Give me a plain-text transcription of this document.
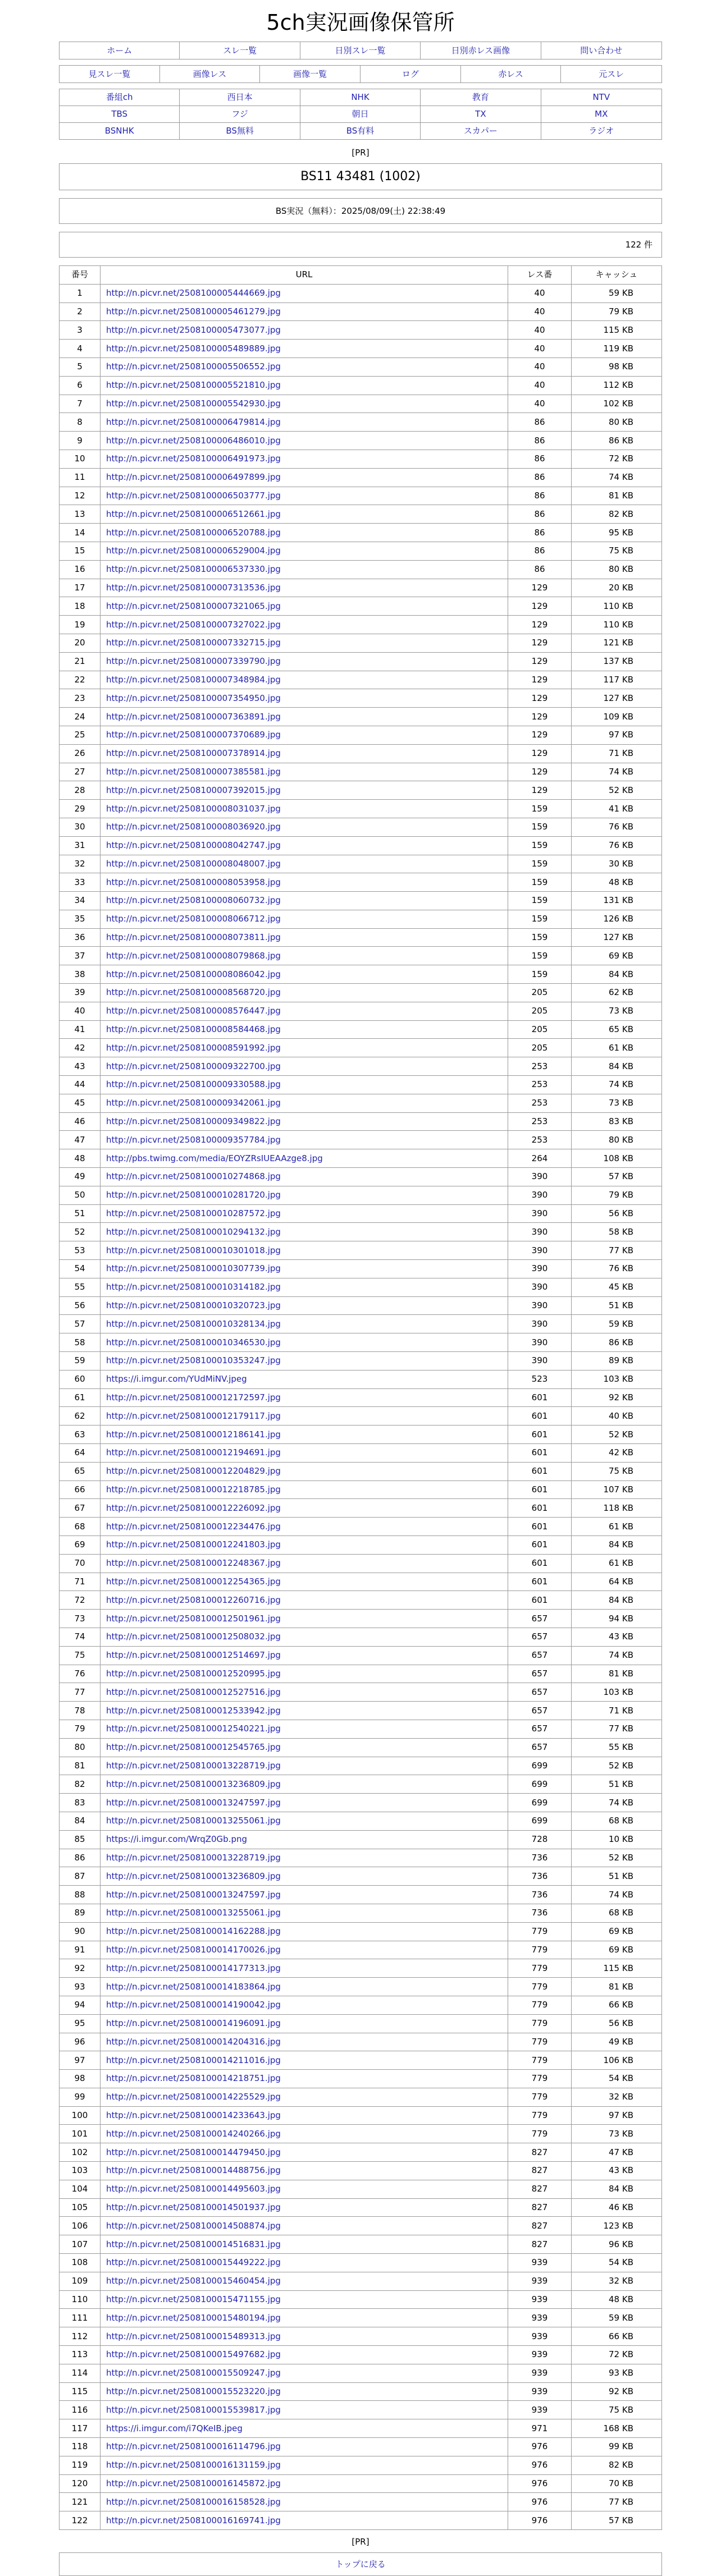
5ch実況画像保管所
ホーム	スレ一覧	日別スレ一覧	日別赤レス画像	問い合わせ
見スレ一覧	画像レス	画像一覧	ログ	赤レス	元スレ
番組ch	西日本	NHK	教育	NTV
TBS	フジ	朝日	TX	MX
BSNHK	BS無料	BS有料	スカパー	ラジオ
[PR]
BS11 43481 (1002)
BS実況（無料）：2025/08/09(土) 22:38:49
122 件
番号	URL	レス番	キャッシュ
1	http://n.picvr.net/2508100005444669.jpg	40	59 KB
2	http://n.picvr.net/2508100005461279.jpg	40	79 KB
3	http://n.picvr.net/2508100005473077.jpg	40	115 KB
4	http://n.picvr.net/2508100005489889.jpg	40	119 KB
5	http://n.picvr.net/2508100005506552.jpg	40	98 KB
6	http://n.picvr.net/2508100005521810.jpg	40	112 KB
7	http://n.picvr.net/2508100005542930.jpg	40	102 KB
8	http://n.picvr.net/2508100006479814.jpg	86	80 KB
9	http://n.picvr.net/2508100006486010.jpg	86	86 KB
10	http://n.picvr.net/2508100006491973.jpg	86	72 KB
11	http://n.picvr.net/2508100006497899.jpg	86	74 KB
12	http://n.picvr.net/2508100006503777.jpg	86	81 KB
13	http://n.picvr.net/2508100006512661.jpg	86	82 KB
14	http://n.picvr.net/2508100006520788.jpg	86	95 KB
15	http://n.picvr.net/2508100006529004.jpg	86	75 KB
16	http://n.picvr.net/2508100006537330.jpg	86	80 KB
17	http://n.picvr.net/2508100007313536.jpg	129	20 KB
18	http://n.picvr.net/2508100007321065.jpg	129	110 KB
19	http://n.picvr.net/2508100007327022.jpg	129	110 KB
20	http://n.picvr.net/2508100007332715.jpg	129	121 KB
21	http://n.picvr.net/2508100007339790.jpg	129	137 KB
22	http://n.picvr.net/2508100007348984.jpg	129	117 KB
23	http://n.picvr.net/2508100007354950.jpg	129	127 KB
24	http://n.picvr.net/2508100007363891.jpg	129	109 KB
25	http://n.picvr.net/2508100007370689.jpg	129	97 KB
26	http://n.picvr.net/2508100007378914.jpg	129	71 KB
27	http://n.picvr.net/2508100007385581.jpg	129	74 KB
28	http://n.picvr.net/2508100007392015.jpg	129	52 KB
29	http://n.picvr.net/2508100008031037.jpg	159	41 KB
30	http://n.picvr.net/2508100008036920.jpg	159	76 KB
31	http://n.picvr.net/2508100008042747.jpg	159	76 KB
32	http://n.picvr.net/2508100008048007.jpg	159	30 KB
33	http://n.picvr.net/2508100008053958.jpg	159	48 KB
34	http://n.picvr.net/2508100008060732.jpg	159	131 KB
35	http://n.picvr.net/2508100008066712.jpg	159	126 KB
36	http://n.picvr.net/2508100008073811.jpg	159	127 KB
37	http://n.picvr.net/2508100008079868.jpg	159	69 KB
38	http://n.picvr.net/2508100008086042.jpg	159	84 KB
39	http://n.picvr.net/2508100008568720.jpg	205	62 KB
40	http://n.picvr.net/2508100008576447.jpg	205	73 KB
41	http://n.picvr.net/2508100008584468.jpg	205	65 KB
42	http://n.picvr.net/2508100008591992.jpg	205	61 KB
43	http://n.picvr.net/2508100009322700.jpg	253	84 KB
44	http://n.picvr.net/2508100009330588.jpg	253	74 KB
45	http://n.picvr.net/2508100009342061.jpg	253	73 KB
46	http://n.picvr.net/2508100009349822.jpg	253	83 KB
47	http://n.picvr.net/2508100009357784.jpg	253	80 KB
48	http://pbs.twimg.com/media/EOYZRsIUEAAzge8.jpg	264	108 KB
49	http://n.picvr.net/2508100010274868.jpg	390	57 KB
50	http://n.picvr.net/2508100010281720.jpg	390	79 KB
51	http://n.picvr.net/2508100010287572.jpg	390	56 KB
52	http://n.picvr.net/2508100010294132.jpg	390	58 KB
53	http://n.picvr.net/2508100010301018.jpg	390	77 KB
54	http://n.picvr.net/2508100010307739.jpg	390	76 KB
55	http://n.picvr.net/2508100010314182.jpg	390	45 KB
56	http://n.picvr.net/2508100010320723.jpg	390	51 KB
57	http://n.picvr.net/2508100010328134.jpg	390	59 KB
58	http://n.picvr.net/2508100010346530.jpg	390	86 KB
59	http://n.picvr.net/2508100010353247.jpg	390	89 KB
60	https://i.imgur.com/YUdMiNV.jpeg	523	103 KB
61	http://n.picvr.net/2508100012172597.jpg	601	92 KB
62	http://n.picvr.net/2508100012179117.jpg	601	40 KB
63	http://n.picvr.net/2508100012186141.jpg	601	52 KB
64	http://n.picvr.net/2508100012194691.jpg	601	42 KB
65	http://n.picvr.net/2508100012204829.jpg	601	75 KB
66	http://n.picvr.net/2508100012218785.jpg	601	107 KB
67	http://n.picvr.net/2508100012226092.jpg	601	118 KB
68	http://n.picvr.net/2508100012234476.jpg	601	61 KB
69	http://n.picvr.net/2508100012241803.jpg	601	84 KB
70	http://n.picvr.net/2508100012248367.jpg	601	61 KB
71	http://n.picvr.net/2508100012254365.jpg	601	64 KB
72	http://n.picvr.net/2508100012260716.jpg	601	84 KB
73	http://n.picvr.net/2508100012501961.jpg	657	94 KB
74	http://n.picvr.net/2508100012508032.jpg	657	43 KB
75	http://n.picvr.net/2508100012514697.jpg	657	74 KB
76	http://n.picvr.net/2508100012520995.jpg	657	81 KB
77	http://n.picvr.net/2508100012527516.jpg	657	103 KB
78	http://n.picvr.net/2508100012533942.jpg	657	71 KB
79	http://n.picvr.net/2508100012540221.jpg	657	77 KB
80	http://n.picvr.net/2508100012545765.jpg	657	55 KB
81	http://n.picvr.net/2508100013228719.jpg	699	52 KB
82	http://n.picvr.net/2508100013236809.jpg	699	51 KB
83	http://n.picvr.net/2508100013247597.jpg	699	74 KB
84	http://n.picvr.net/2508100013255061.jpg	699	68 KB
85	https://i.imgur.com/WrqZ0Gb.png	728	10 KB
86	http://n.picvr.net/2508100013228719.jpg	736	52 KB
87	http://n.picvr.net/2508100013236809.jpg	736	51 KB
88	http://n.picvr.net/2508100013247597.jpg	736	74 KB
89	http://n.picvr.net/2508100013255061.jpg	736	68 KB
90	http://n.picvr.net/2508100014162288.jpg	779	69 KB
91	http://n.picvr.net/2508100014170026.jpg	779	69 KB
92	http://n.picvr.net/2508100014177313.jpg	779	115 KB
93	http://n.picvr.net/2508100014183864.jpg	779	81 KB
94	http://n.picvr.net/2508100014190042.jpg	779	66 KB
95	http://n.picvr.net/2508100014196091.jpg	779	56 KB
96	http://n.picvr.net/2508100014204316.jpg	779	49 KB
97	http://n.picvr.net/2508100014211016.jpg	779	106 KB
98	http://n.picvr.net/2508100014218751.jpg	779	54 KB
99	http://n.picvr.net/2508100014225529.jpg	779	32 KB
100	http://n.picvr.net/2508100014233643.jpg	779	97 KB
101	http://n.picvr.net/2508100014240266.jpg	779	73 KB
102	http://n.picvr.net/2508100014479450.jpg	827	47 KB
103	http://n.picvr.net/2508100014488756.jpg	827	43 KB
104	http://n.picvr.net/2508100014495603.jpg	827	84 KB
105	http://n.picvr.net/2508100014501937.jpg	827	46 KB
106	http://n.picvr.net/2508100014508874.jpg	827	123 KB
107	http://n.picvr.net/2508100014516831.jpg	827	96 KB
108	http://n.picvr.net/2508100015449222.jpg	939	54 KB
109	http://n.picvr.net/2508100015460454.jpg	939	32 KB
110	http://n.picvr.net/2508100015471155.jpg	939	48 KB
111	http://n.picvr.net/2508100015480194.jpg	939	59 KB
112	http://n.picvr.net/2508100015489313.jpg	939	66 KB
113	http://n.picvr.net/2508100015497682.jpg	939	72 KB
114	http://n.picvr.net/2508100015509247.jpg	939	93 KB
115	http://n.picvr.net/2508100015523220.jpg	939	92 KB
116	http://n.picvr.net/2508100015539817.jpg	939	75 KB
117	https://i.imgur.com/i7QKeIB.jpeg	971	168 KB
118	http://n.picvr.net/2508100016114796.jpg	976	99 KB
119	http://n.picvr.net/2508100016131159.jpg	976	82 KB
120	http://n.picvr.net/2508100016145872.jpg	976	70 KB
121	http://n.picvr.net/2508100016158528.jpg	976	77 KB
122	http://n.picvr.net/2508100016169741.jpg	976	57 KB
[PR]
トップに戻る
